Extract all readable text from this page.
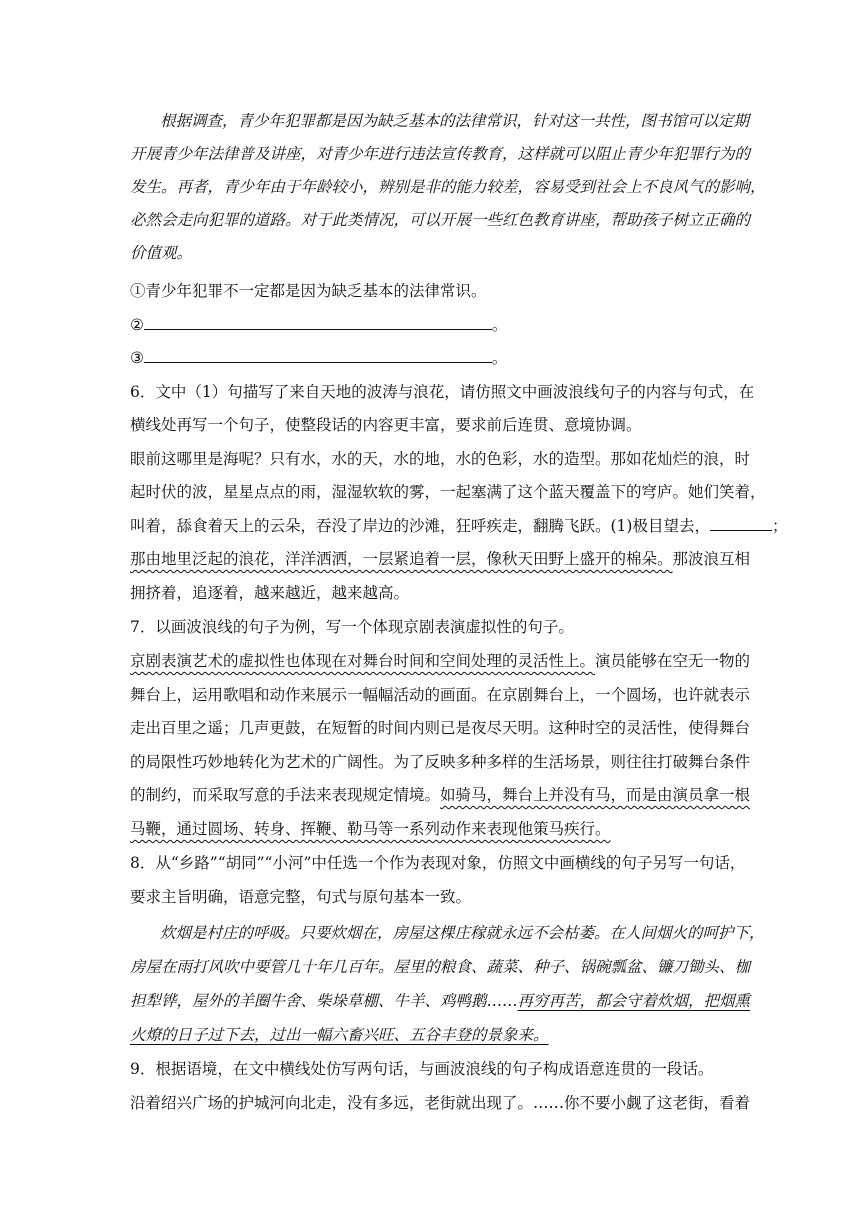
根据调查，青少年犯罪都是因为缺乏基本的法律常识，针对这一共性，图书馆可以定期
开展青少年法律普及讲座，对青少年进行违法宣传教育，这样就可以阻止青少年犯罪行为的
发生。再者，青少年由于年龄较小，辨别是非的能力较差，容易受到社会上不良风气的影响，
必然会走向犯罪的道路。对于此类情况，可以开展一些红色教育讲座，帮助孩子树立正确的
价值观。
①青少年犯罪不一定都是因为缺乏基本的法律常识。
②	。
③	。
6．文中（1）句描写了来自天地的波涛与浪花，请仿照文中画波浪线句子的内容与句式，在
横线处再写一个句子，使整段话的内容更丰富，要求前后连贯、意境协调。
眼前这哪里是海呢？只有水，水的天，水的地，水的色彩，水的造型。那如花灿烂的浪，时
起时伏的波，星星点点的雨，湿湿软软的雾，一起塞满了这个蓝天覆盖下的穹庐。她们笑着，
叫着，舔食着天上的云朵，吞没了岸边的沙滩，狂呼疾走，翻腾飞跃。(1)极目望去，	；
那由地里泛起的浪花，洋洋洒洒，一层紧追着一层，像秋天田野上盛开的棉朵。那波浪互相
拥挤着，追逐着，越来越近，越来越高。
7．以画波浪线的句子为例，写一个体现京剧表演虚拟性的句子。
京剧表演艺术的虚拟性也体现在对舞台时间和空间处理的灵活性上。演员能够在空无一物的
舞台上，运用歌唱和动作来展示一幅幅活动的画面。在京剧舞台上，一个圆场，也许就表示
走出百里之遥；几声更鼓，在短暂的时间内则已是夜尽天明。这种时空的灵活性，使得舞台
的局限性巧妙地转化为艺术的广阔性。为了反映多种多样的生活场景，则往往打破舞台条件
的制约，而采取写意的手法来表现规定情境。如骑马，舞台上并没有马，而是由演员拿一根
马鞭，通过圆场、转身、挥鞭、勒马等一系列动作来表现他策马疾行。
8．从“乡路”“胡同”“小河”中任选一个作为表现对象，仿照文中画横线的句子另写一句话，
要求主旨明确，语意完整，句式与原句基本一致。
炊烟是村庄的呼吸。只要炊烟在，房屋这棵庄稼就永远不会枯萎。在人间烟火的呵护下，
房屋在雨打风吹中要管几十年几百年。屋里的粮食、蔬菜、种子、锅碗瓢盆、镰刀锄头、枷
担犁铧，屋外的羊圈牛舍、柴垛草棚、牛羊、鸡鸭鹅……再穷再苦，都会守着炊烟，把烟熏
火燎的日子过下去，过出一幅六畜兴旺、五谷丰登的景象来。
9．根据语境，在文中横线处仿写两句话，与画波浪线的句子构成语意连贯的一段话。
沿着绍兴广场的护城河向北走，没有多远，老街就出现了。……你不要小觑了这老街，看着
